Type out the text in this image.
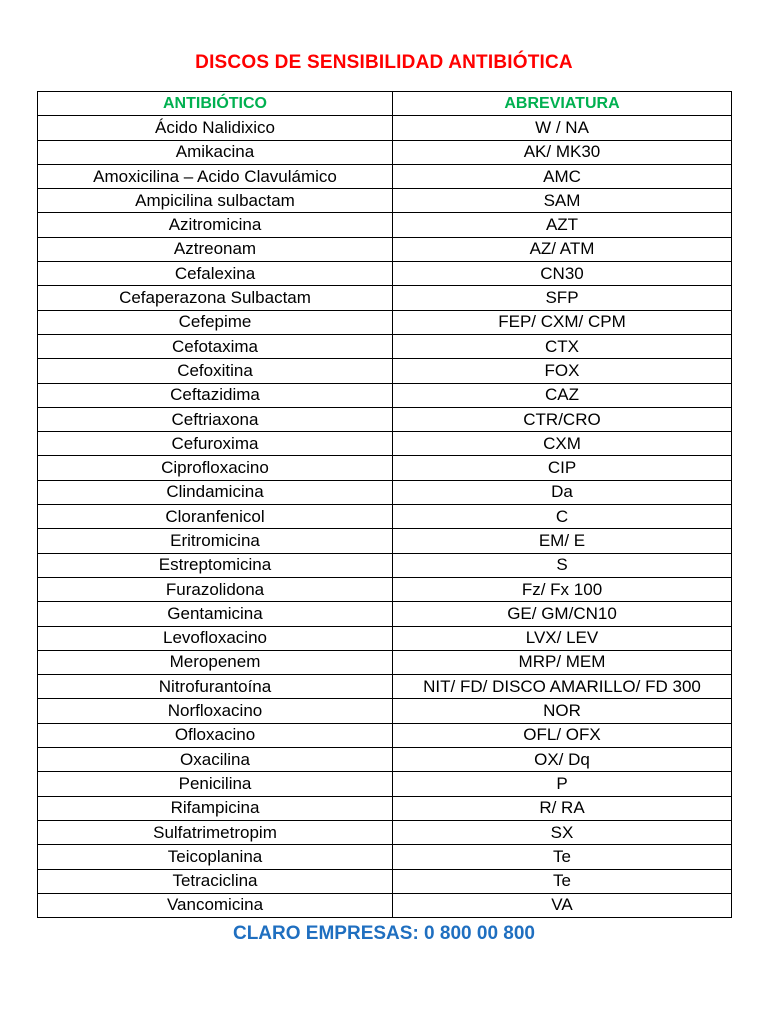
DISCOS DE SENSIBILIDAD ANTIBIÓTICA
ANTIBIÓTICO	ABREVIATURA
Ácido Nalidixico	W / NA
Amikacina	AK/ MK30
Amoxicilina – Acido Clavulámico	AMC
Ampicilina sulbactam	SAM
Azitromicina	AZT
Aztreonam	AZ/ ATM
Cefalexina	CN30
Cefaperazona Sulbactam	SFP
Cefepime	FEP/ CXM/ CPM
Cefotaxima	CTX
Cefoxitina	FOX
Ceftazidima	CAZ
Ceftriaxona	CTR/CRO
Cefuroxima	CXM
Ciprofloxacino	CIP
Clindamicina	Da
Cloranfenicol	C
Eritromicina	EM/ E
Estreptomicina	S
Furazolidona	Fz/ Fx 100
Gentamicina	GE/ GM/CN10
Levofloxacino	LVX/ LEV
Meropenem	MRP/ MEM
Nitrofurantoína	NIT/ FD/ DISCO AMARILLO/ FD 300
Norfloxacino	NOR
Ofloxacino	OFL/ OFX
Oxacilina	OX/ Dq
Penicilina	P
Rifampicina	R/ RA
Sulfatrimetropim	SX
Teicoplanina	Te
Tetraciclina	Te
Vancomicina	VA
CLARO EMPRESAS: 0 800 00 800
